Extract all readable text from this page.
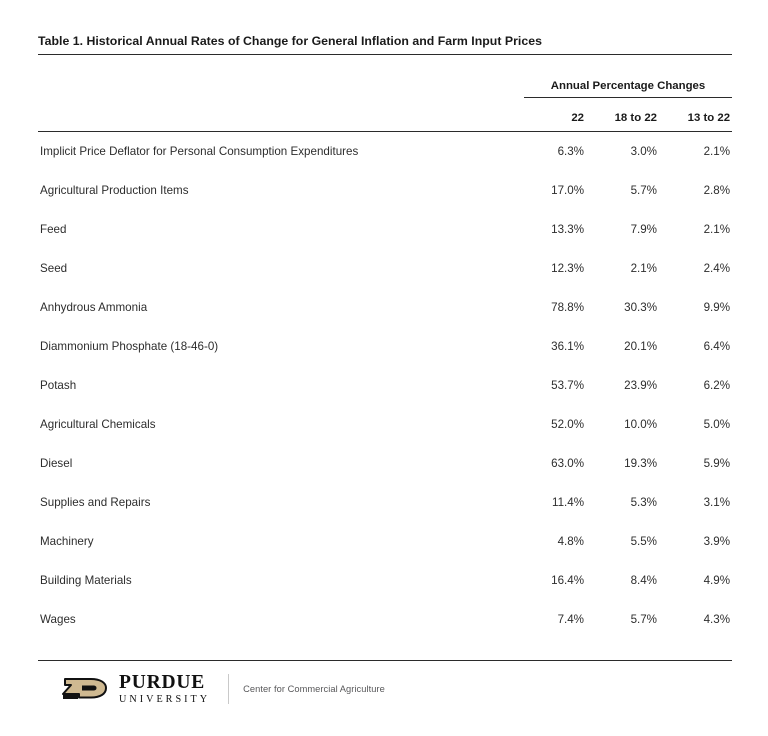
Table 1. Historical Annual Rates of Change for General Inflation and Farm Input Prices
	Annual Percentage Changes		
	22	18 to 22	13 to 22
Implicit Price Deflator for Personal Consumption Expenditures	6.3%	3.0%	2.1%
Agricultural Production Items	17.0%	5.7%	2.8%
Feed	13.3%	7.9%	2.1%
Seed	12.3%	2.1%	2.4%
Anhydrous Ammonia	78.8%	30.3%	9.9%
Diammonium Phosphate (18-46-0)	36.1%	20.1%	6.4%
Potash	53.7%	23.9%	6.2%
Agricultural Chemicals	52.0%	10.0%	5.0%
Diesel	63.0%	19.3%	5.9%
Supplies and Repairs	11.4%	5.3%	3.1%
Machinery	4.8%	5.5%	3.9%
Building Materials	16.4%	8.4%	4.9%
Wages	7.4%	5.7%	4.3%
PURDUE
UNIVERSITY
Center for Commercial Agriculture
